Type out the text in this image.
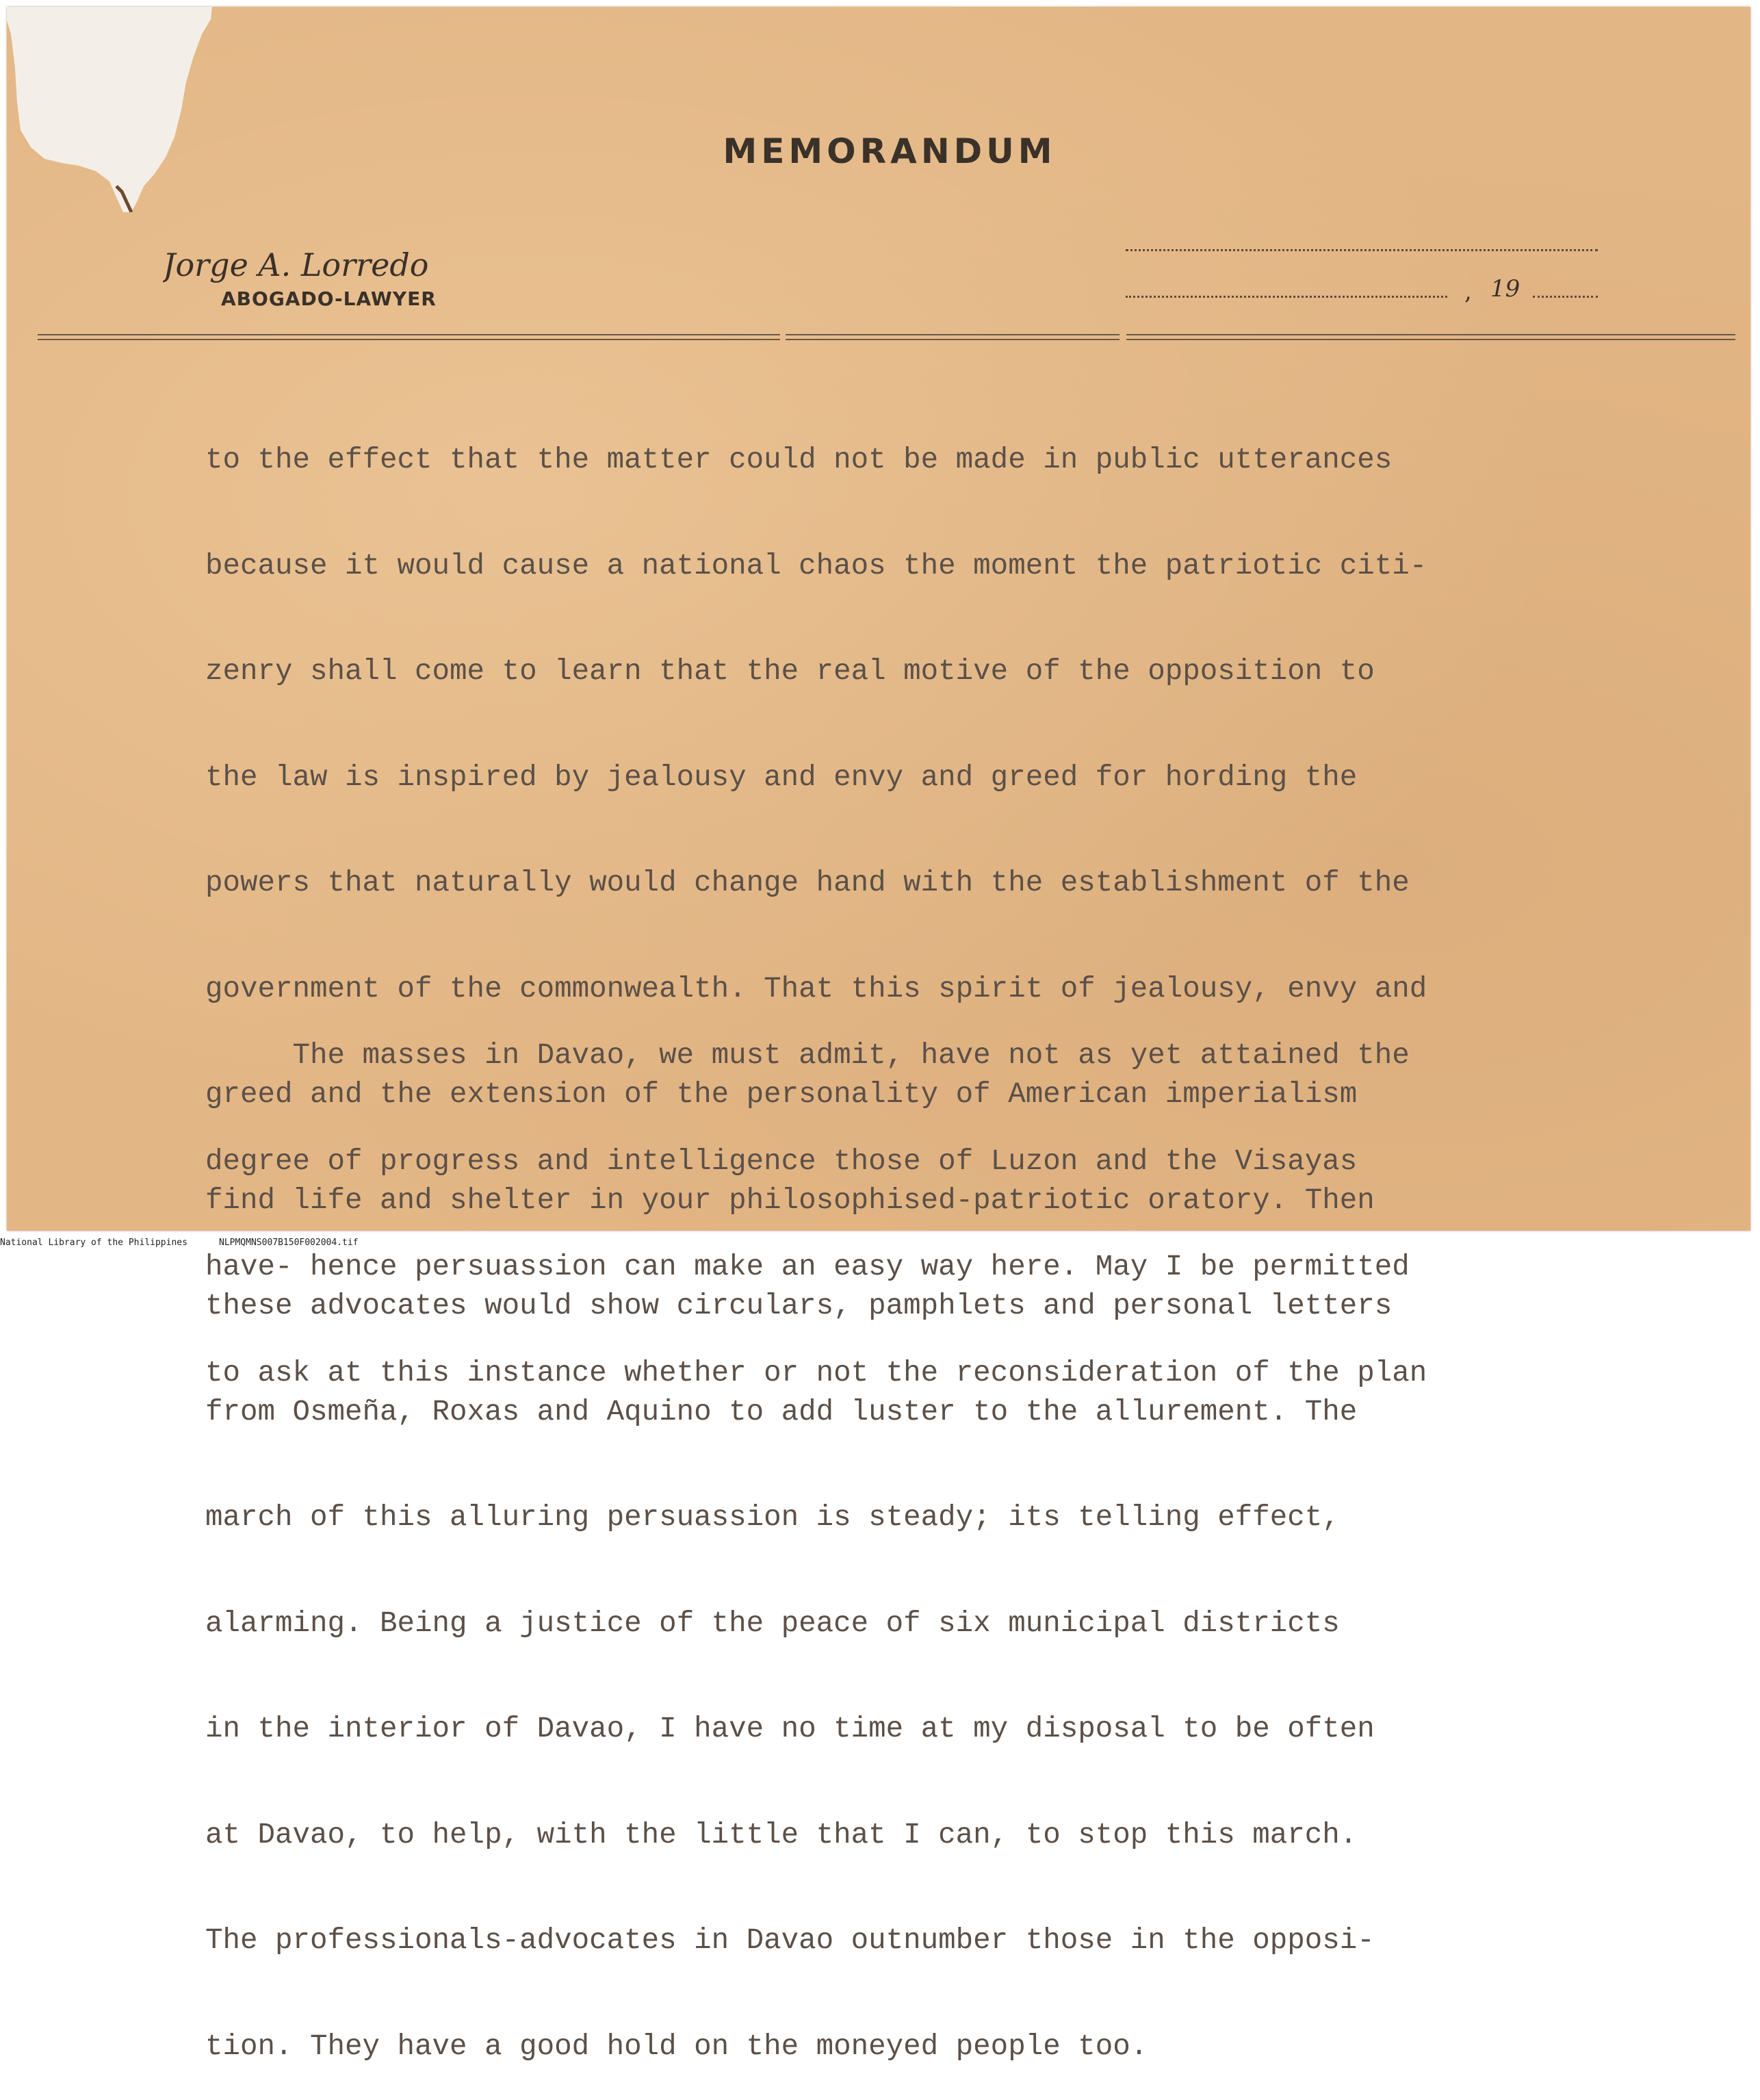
MEMORANDUM
Jorge A. Lorredo
ABOGADO-LAWYER	, 19

to the effect that the matter could not be made in public utterances

because it would cause a national chaos the moment the patriotic citi-

zenry shall come to learn that the real motive of the opposition to

the law is inspired by jealousy and envy and greed for hording the

powers that naturally would change hand with the establishment of the

government of the commonwealth. That this spirit of jealousy, envy and

greed and the extension of the personality of American imperialism

find life and shelter in your philosophised-patriotic oratory. Then

these advocates would show circulars, pamphlets and personal letters

from Osmeña, Roxas and Aquino to add luster to the allurement. The

march of this alluring persuassion is steady; its telling effect,

alarming. Being a justice of the peace of six municipal districts

in the interior of Davao, I have no time at my disposal to be often

at Davao, to help, with the little that I can, to stop this march.

The professionals-advocates in Davao outnumber those in the opposi-

tion. They have a good hold on the moneyed people too.

The masses in Davao, we must admit, have not as yet attained the

degree of progress and intelligence those of Luzon and the Visayas

have- hence persuassion can make an easy way here. May I be permitted

to ask at this instance whether or not the reconsideration of the plan

National Library of the Philippines	NLPMQMNS007B150F002004.tif
